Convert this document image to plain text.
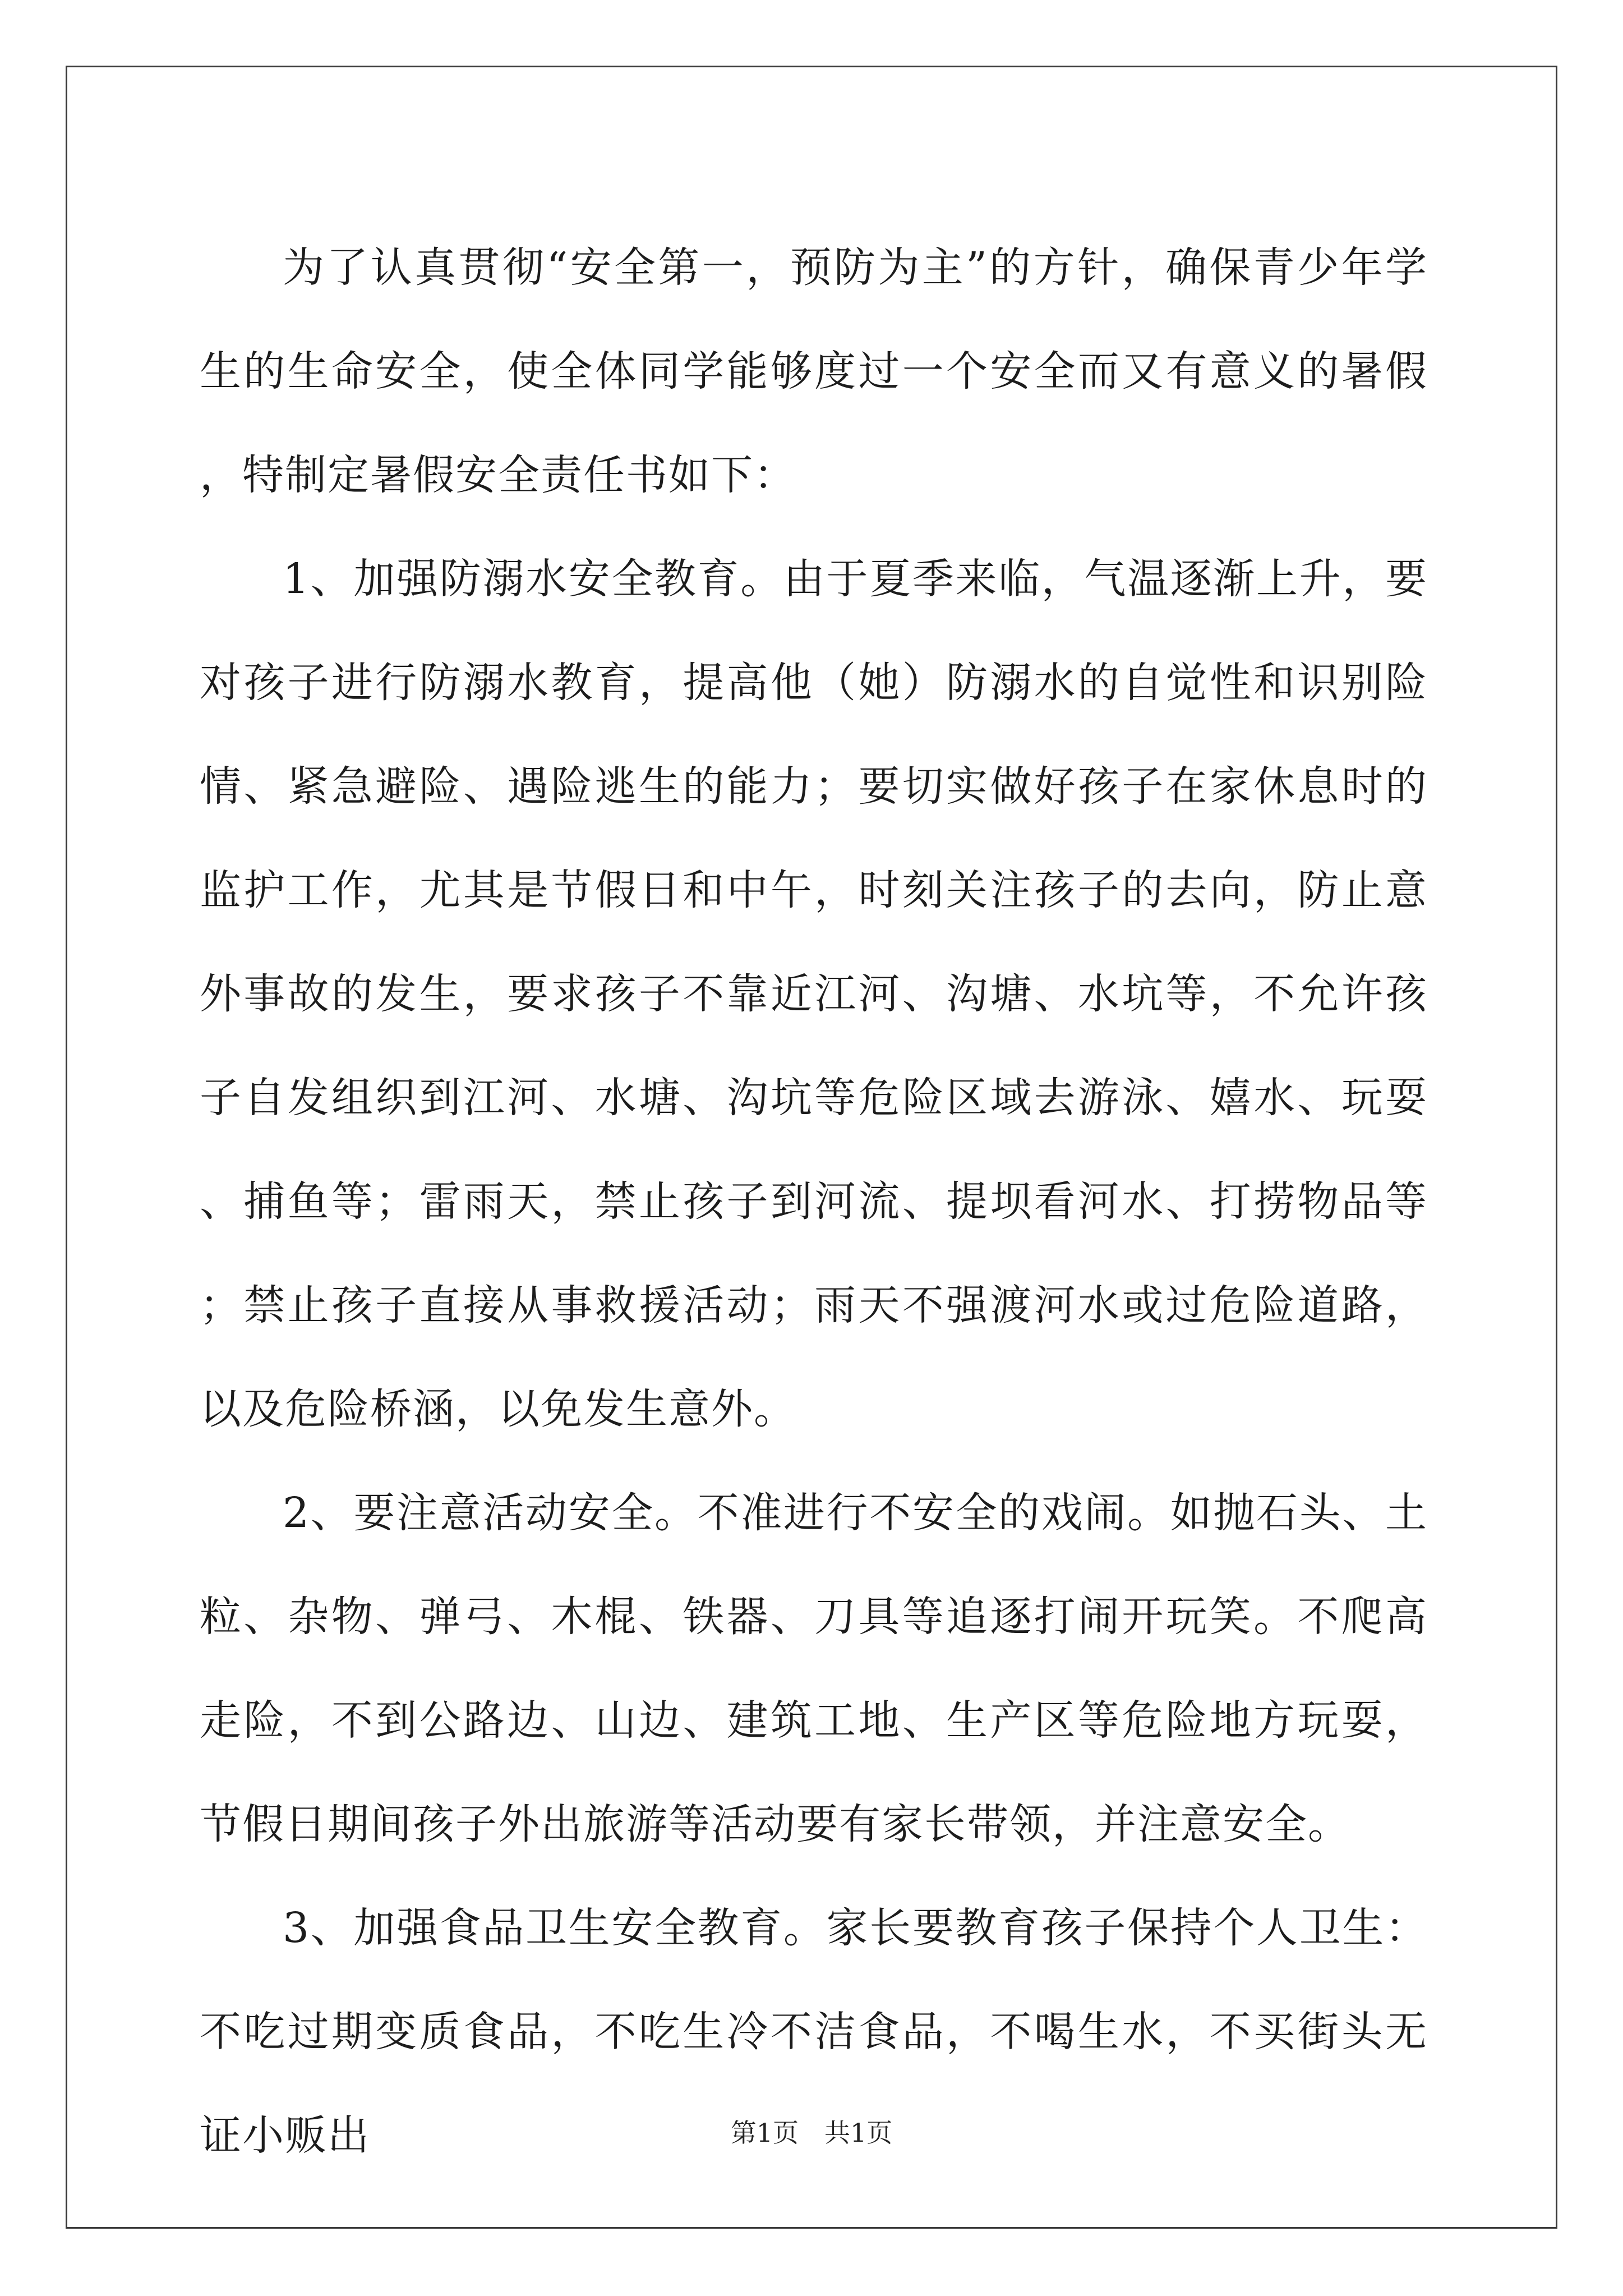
为了认真贯彻“安全第一，预防为主”的方针，确保青少年学生的生命安全，使全体同学能够度过一个安全而又有意义的暑假，特制定暑假安全责任书如下：

1、加强防溺水安全教育。由于夏季来临，气温逐渐上升，要对孩子进行防溺水教育，提高他（她）防溺水的自觉性和识别险情、紧急避险、遇险逃生的能力；要切实做好孩子在家休息时的监护工作，尤其是节假日和中午，时刻关注孩子的去向，防止意外事故的发生，要求孩子不靠近江河、沟塘、水坑等，不允许孩子自发组织到江河、水塘、沟坑等危险区域去游泳、嬉水、玩耍、捕鱼等；雷雨天，禁止孩子到河流、提坝看河水、打捞物品等；禁止孩子直接从事救援活动；雨天不强渡河水或过危险道路，以及危险桥涵，以免发生意外。

2、要注意活动安全。不准进行不安全的戏闹。如抛石头、土粒、杂物、弹弓、木棍、铁器、刀具等追逐打闹开玩笑。不爬高走险，不到公路边、山边、建筑工地、生产区等危险地方玩耍，节假日期间孩子外出旅游等活动要有家长带领，并注意安全。

3、加强食品卫生安全教育。家长要教育孩子保持个人卫生：不吃过期变质食品，不吃生冷不洁食品，不喝生水，不买街头无证小贩出	第1页　共1页
